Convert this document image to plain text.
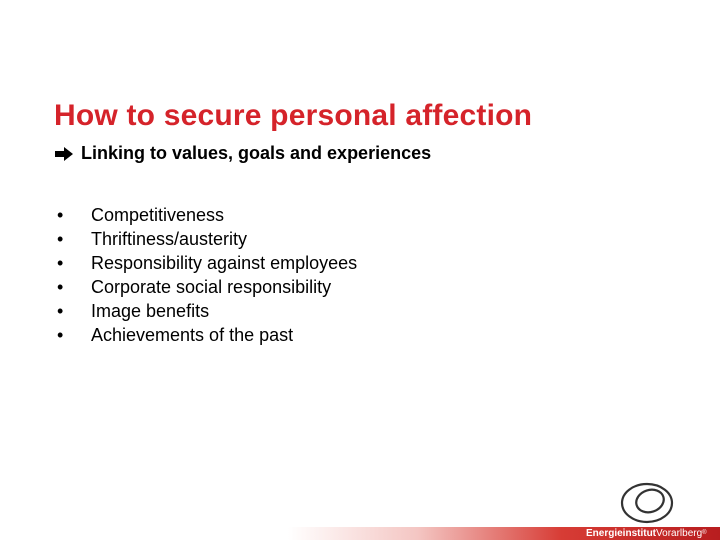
How to secure personal affection
Linking to values, goals and experiences
•	Competitiveness
•	Thriftiness/austerity
•	Responsibility against employees
•	Corporate social responsibility
•	Image benefits
•	Achievements of the past
EnergieinstitutVorarlberg®
